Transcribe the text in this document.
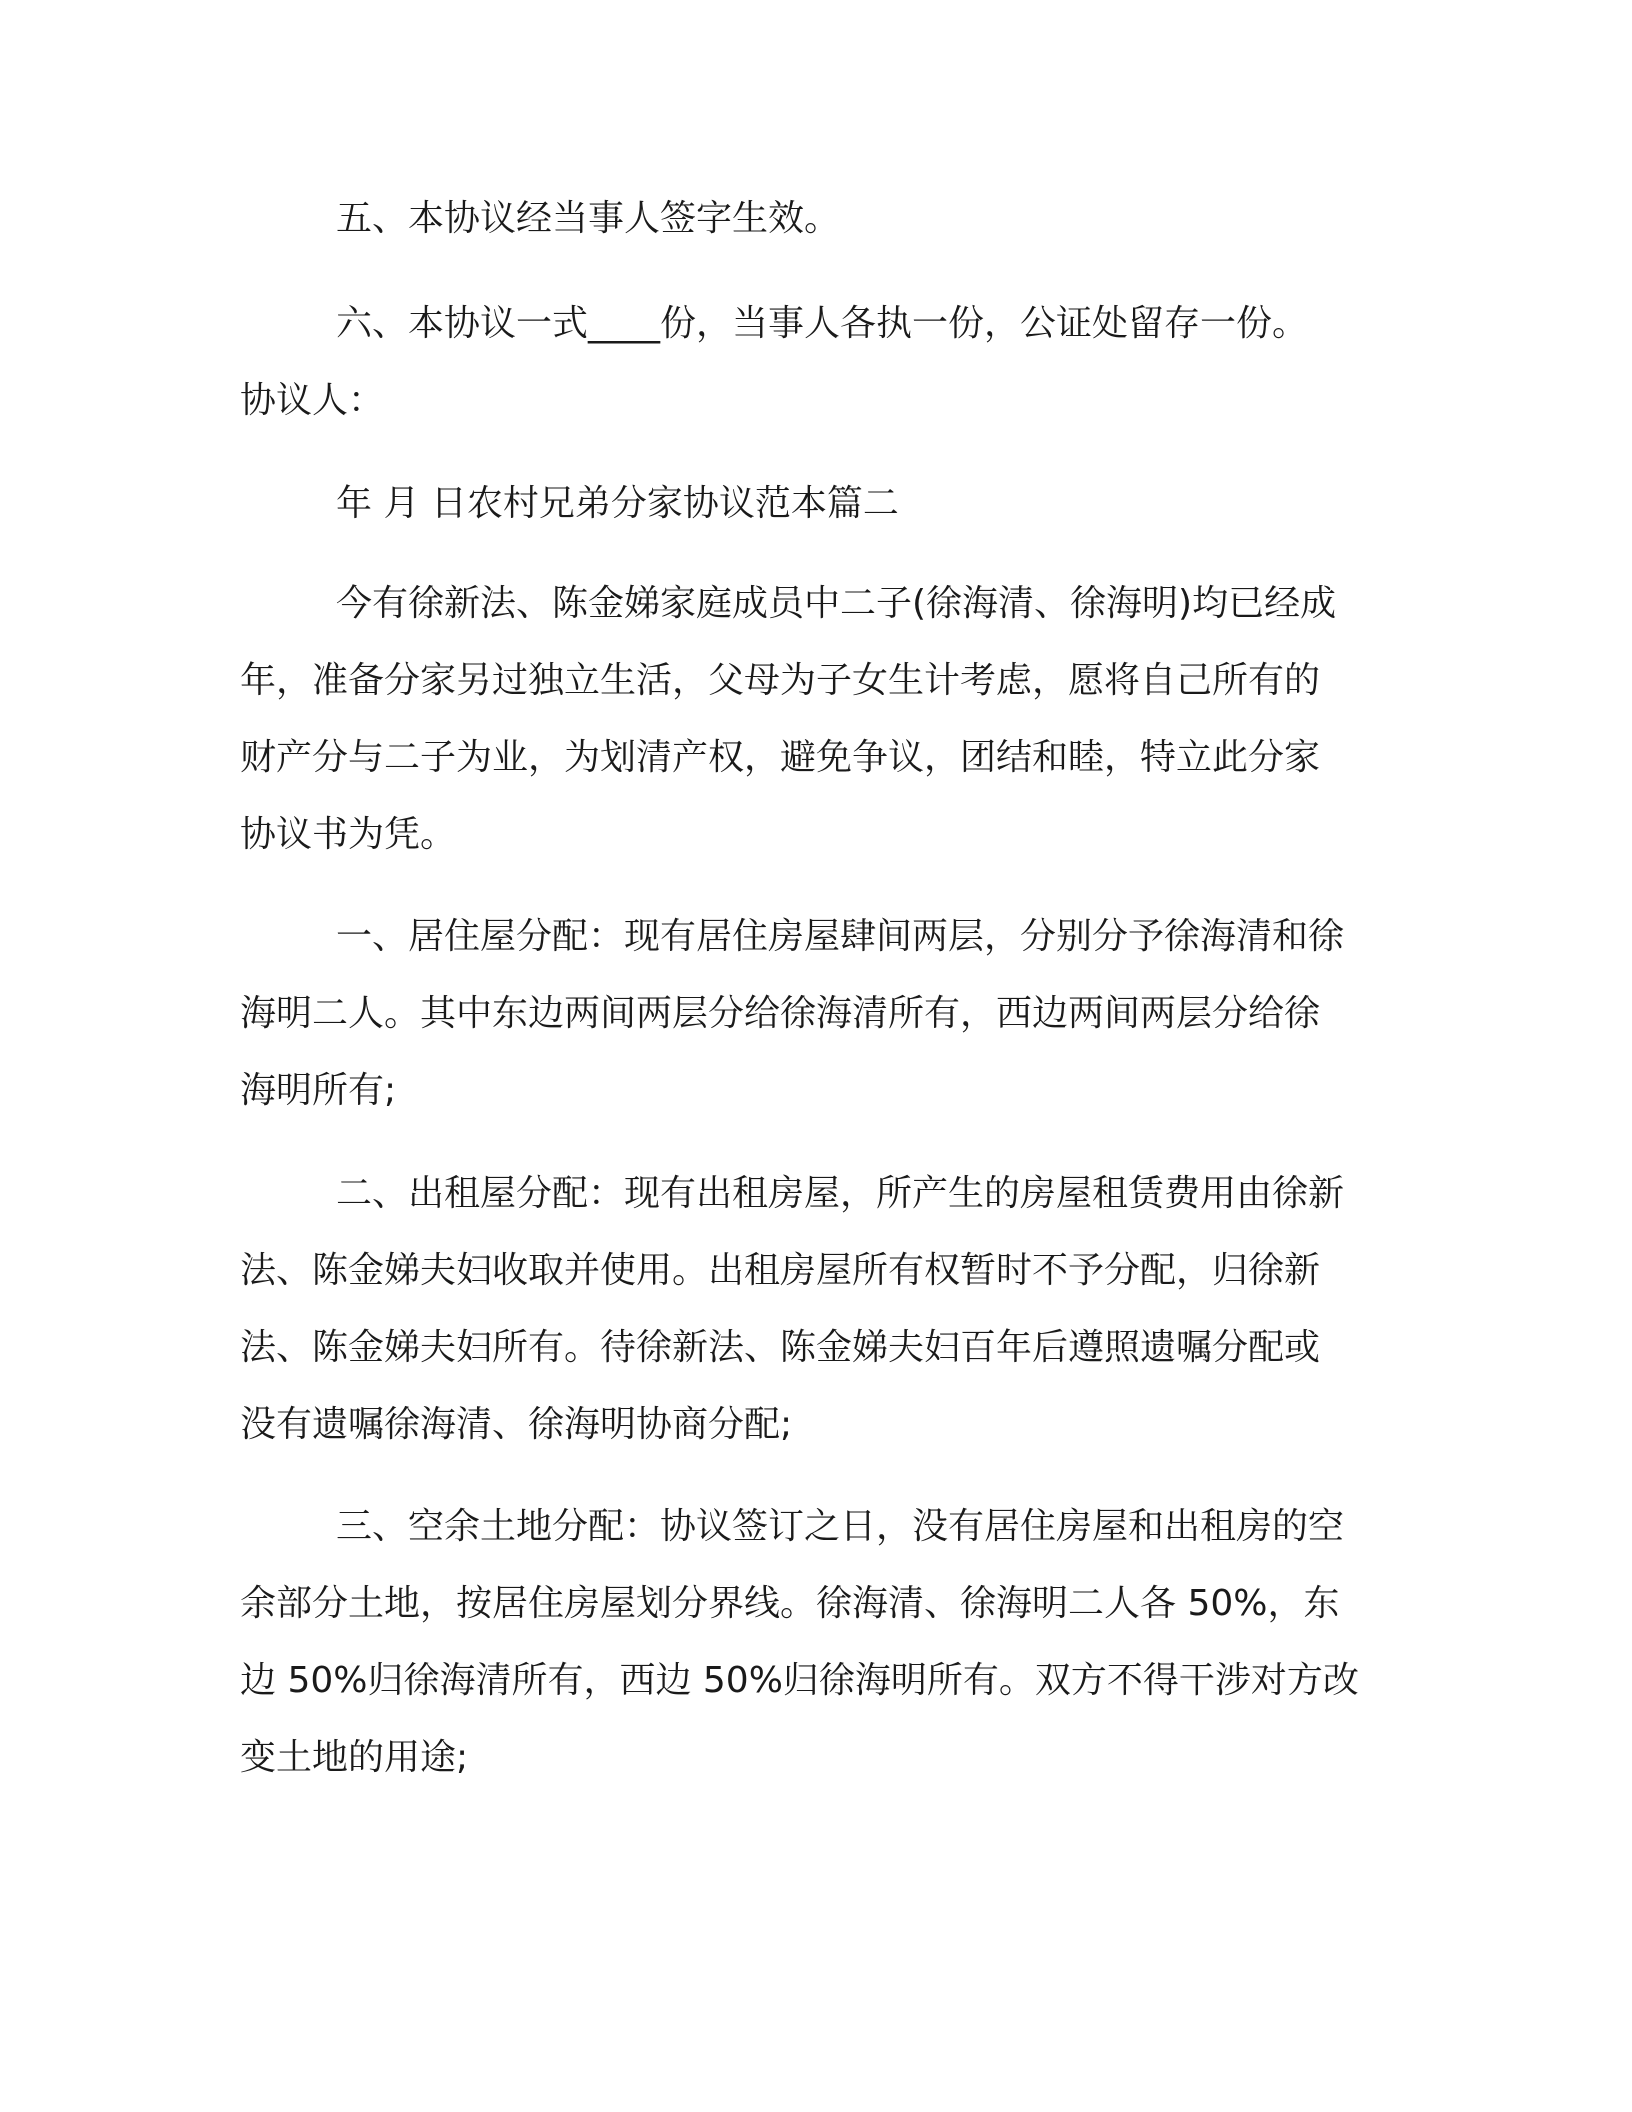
五、本协议经当事人签字生效。
六、本协议一式____份，当事人各执一份，公证处留存一份。
协议人：
年 月 日农村兄弟分家协议范本篇二
今有徐新法、陈金娣家庭成员中二子(徐海清、徐海明)均已经成
年，准备分家另过独立生活，父母为子女生计考虑，愿将自己所有的
财产分与二子为业，为划清产权，避免争议，团结和睦，特立此分家
协议书为凭。
一、居住屋分配：现有居住房屋肆间两层，分别分予徐海清和徐
海明二人。其中东边两间两层分给徐海清所有，西边两间两层分给徐
海明所有;
二、出租屋分配：现有出租房屋，所产生的房屋租赁费用由徐新
法、陈金娣夫妇收取并使用。出租房屋所有权暂时不予分配，归徐新
法、陈金娣夫妇所有。待徐新法、陈金娣夫妇百年后遵照遗嘱分配或
没有遗嘱徐海清、徐海明协商分配;
三、空余土地分配：协议签订之日，没有居住房屋和出租房的空
余部分土地，按居住房屋划分界线。徐海清、徐海明二人各 50%，东
边 50%归徐海清所有，西边 50%归徐海明所有。双方不得干涉对方改
变土地的用途;
